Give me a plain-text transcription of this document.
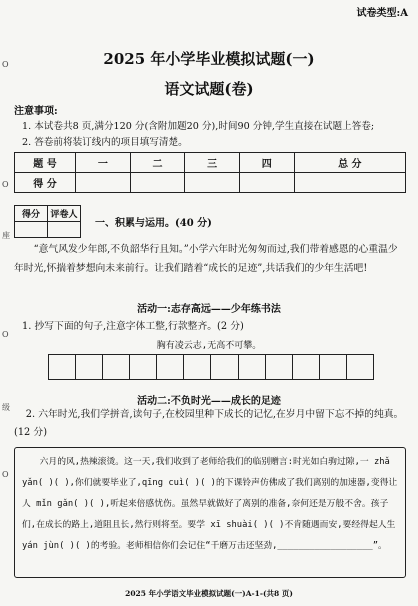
试卷类型:A
O
O
座
O
级
O
2025 年小学毕业模拟试题(一)
语文试题(卷)
注意事项:
1. 本试卷共8 页,满分120 分(含附加题20 分),时间90 分钟,学生直接在试题上答卷;
2. 答卷前将装订线内的项目填写清楚。
题 号	一	二	三	四	总 分
得 分					
得分	评卷人

一、积累与运用。(40 分)
“意气风发少年郎,不负韶华行且知。”小学六年时光匆匆而过,我们带着感恩的心重温少年时光,怀揣着梦想向未来前行。让我们踏着“成长的足迹”,共话我们的少年生活吧!
活动一:志存高远——少年练书法
1. 抄写下面的句子,注意字体工整,行款整齐。(2 分)
胸有凌云志,无高不可攀。
活动二:不负时光——成长的足迹
2. 六年时光,我们学拼音,读句子,在校园里种下成长的记忆,在岁月中留下忘不掉的纯真。(12 分)
六月的风,热辣滚烫。这一天,我们收到了老师给我们的临别赠言:时光如白驹过隙,一 zhǎ yǎn( )( ),你们就要毕业了,qīng cuì( )( )的下课铃声仿佛成了我们离别的加速器,变得让人 mǐn gǎn( )( ),听起来倍感忧伤。虽然早就做好了离别的准备,奈何还是万般不舍。孩子们,在成长的路上,道阻且长,然行则将至。要学 xī shuài( )( )不肯随遇而安,要经得起人生 yán jùn( )( )的考验。老师相信你们会记住“千磨万击还坚劲,__________________”。
2025 年小学语文毕业模拟试题(一)A-1-(共8 页)
